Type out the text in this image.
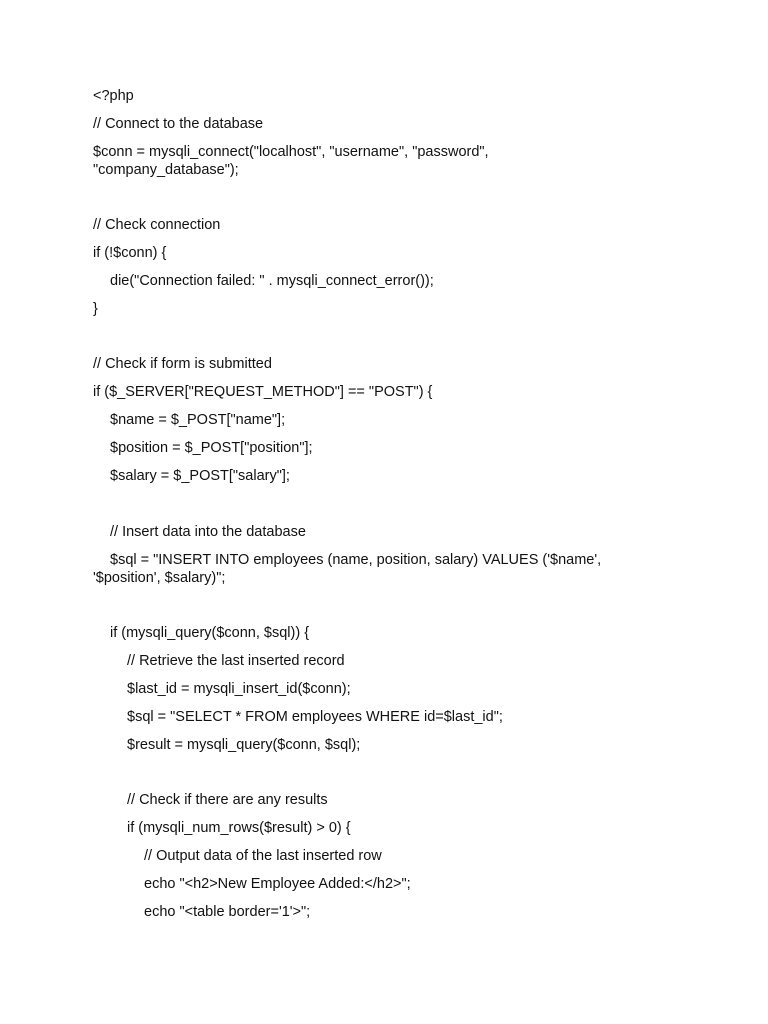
<?php
// Connect to the database
$conn = mysqli_connect("localhost", "username", "password",
"company_database");
// Check connection
if (!$conn) {
die("Connection failed: " . mysqli_connect_error());
}
// Check if form is submitted
if ($_SERVER["REQUEST_METHOD"] == "POST") {
$name = $_POST["name"];
$position = $_POST["position"];
$salary = $_POST["salary"];
// Insert data into the database
$sql = "INSERT INTO employees (name, position, salary) VALUES ('$name',
'$position', $salary)";
if (mysqli_query($conn, $sql)) {
// Retrieve the last inserted record
$last_id = mysqli_insert_id($conn);
$sql = "SELECT * FROM employees WHERE id=$last_id";
$result = mysqli_query($conn, $sql);
// Check if there are any results
if (mysqli_num_rows($result) > 0) {
// Output data of the last inserted row
echo "<h2>New Employee Added:</h2>";
echo "<table border='1'>";
